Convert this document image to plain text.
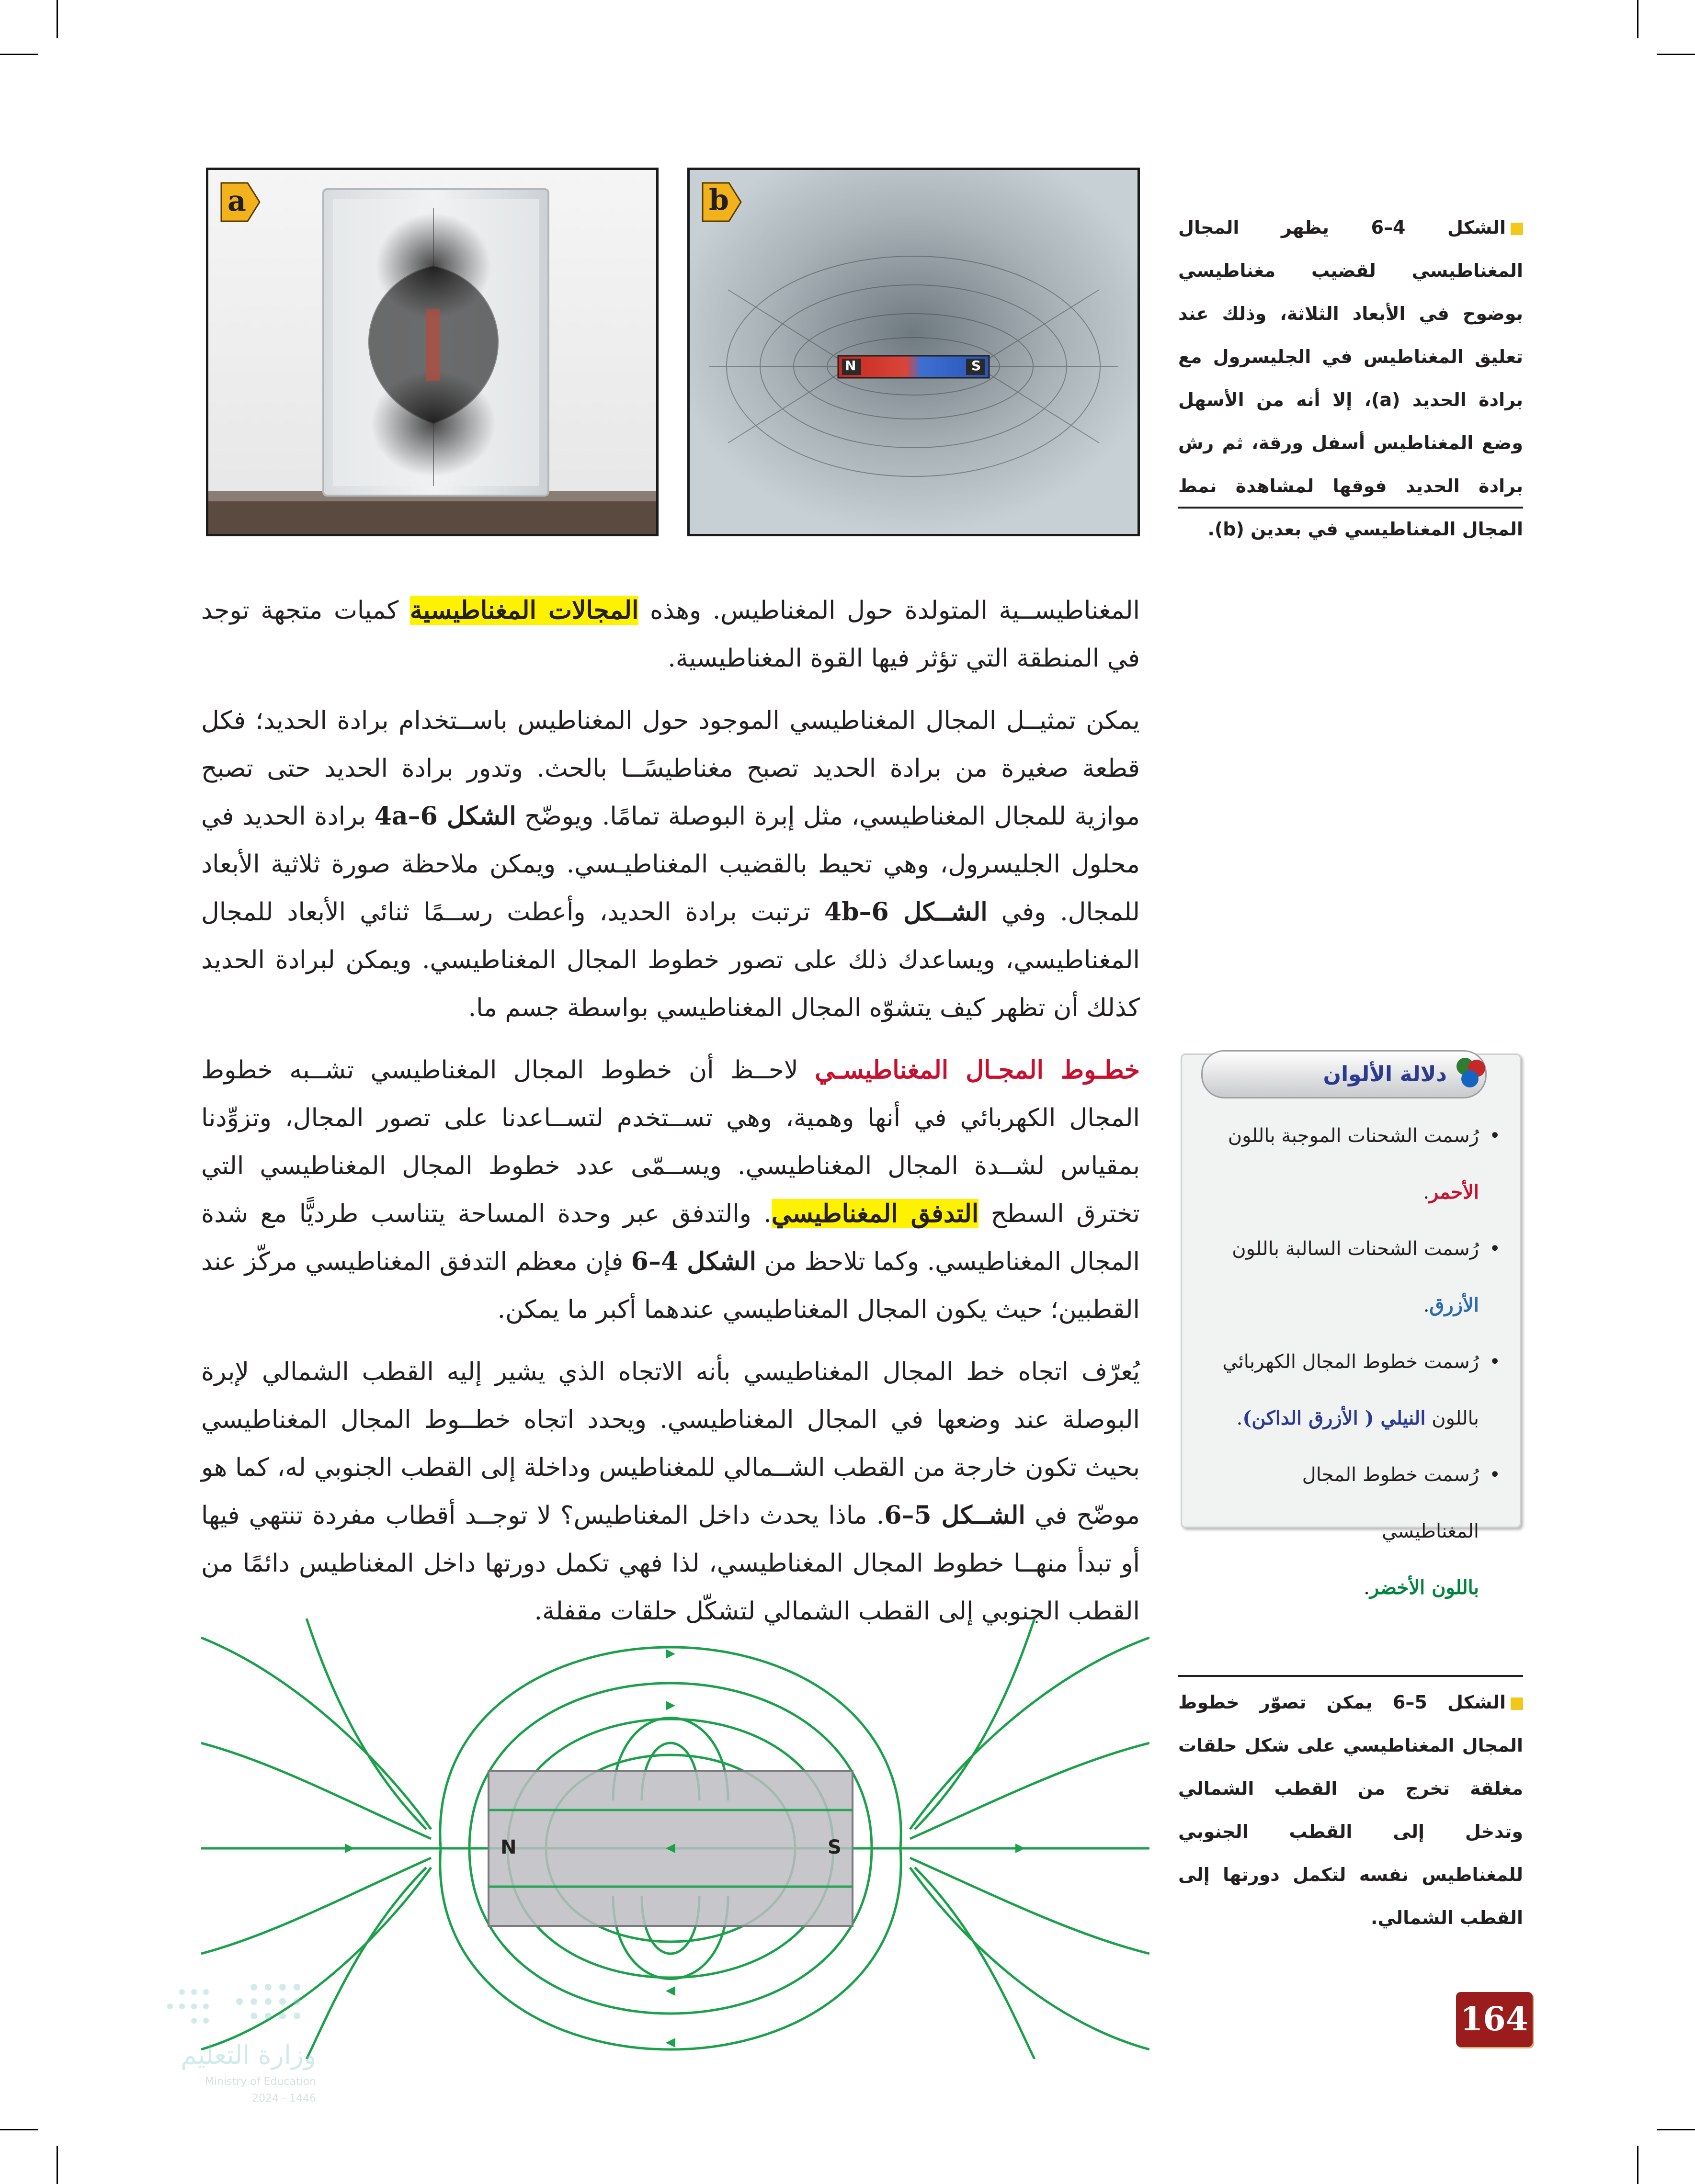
a
N	S
b
الشكل 4–6 يظهر المجال المغناطيسي لقضيب مغناطيسي بوضوح في الأبعاد الثلاثة، وذلك عند تعليق المغناطيس في الجليسرول مع برادة الحديد (a)، إلا أنه من الأسهل وضع المغناطيس أسفل ورقة، ثم رش برادة الحديد فوقها لمشاهدة نمط المجال المغناطيسي في بعدين (b).

المغناطيســية المتولدة حول المغناطيس. وهذه المجالات المغناطيسية كميات متجهة توجد في المنطقة التي تؤثر فيها القوة المغناطيسية.

يمكن تمثيــل المجال المغناطيسي الموجود حول المغناطيس باســتخدام برادة الحديد؛ فكل قطعة صغيرة من برادة الحديد تصبح مغناطيسًــا بالحث. وتدور برادة الحديد حتى تصبح موازية للمجال المغناطيسي، مثل إبرة البوصلة تمامًا. ويوضّح الشكل 4a–6 برادة الحديد في محلول الجليسرول، وهي تحيط بالقضيب المغناطيـسي. ويمكن ملاحظة صورة ثلاثية الأبعاد للمجال. وفي الشــكل 4b–6 ترتبت برادة الحديد، وأعطت رســمًا ثنائي الأبعاد للمجال المغناطيسي، ويساعدك ذلك على تصور خطوط المجال المغناطيسي. ويمكن لبرادة الحديد كذلك أن تظهر كيف يتشوّه المجال المغناطيسي بواسطة جسم ما.

خطـوط المجـال المغناطيسـي لاحــظ أن خطوط المجال المغناطيسي تشــبه خطوط المجال الكهربائي في أنها وهمية، وهي تســتخدم لتســاعدنا على تصور المجال، وتزوِّدنا بمقياس لشــدة المجال المغناطيسي. ويســمّى عدد خطوط المجال المغناطيسي التي تخترق السطح التدفق المغناطيسي. والتدفق عبر وحدة المساحة يتناسب طرديًّا مع شدة المجال المغناطيسي. وكما تلاحظ من الشكل 4–6 فإن معظم التدفق المغناطيسي مركّز عند القطبين؛ حيث يكون المجال المغناطيسي عندهما أكبر ما يمكن.

يُعرّف اتجاه خط المجال المغناطيسي بأنه الاتجاه الذي يشير إليه القطب الشمالي لإبرة البوصلة عند وضعها في المجال المغناطيسي. ويحدد اتجاه خطــوط المجال المغناطيسي بحيث تكون خارجة من القطب الشــمالي للمغناطيس وداخلة إلى القطب الجنوبي له، كما هو موضّح في الشــكل 5–6. ماذا يحدث داخل المغناطيس؟ لا توجــد أقطاب مفردة تنتهي فيها أو تبدأ منهــا خطوط المجال المغناطيسي، لذا فهي تكمل دورتها داخل المغناطيس دائمًا من القطب الجنوبي إلى القطب الشمالي لتشكّل حلقات مقفلة.

دلالة الألوان
• رُسمت الشحنات الموجبة باللون
الأحمر.
• رُسمت الشحنات السالبة باللون
الأزرق.
• رُسمت خطوط المجال الكهربائي باللون النيلي ( الأزرق الداكن).
• رُسمت خطوط المجال المغناطيسي
باللون الأخضر.
N	S
الشكل 5–6 يمكن تصوّر خطوط المجال المغناطيسي على شكل حلقات مغلقة تخرج من القطب الشمالي وتدخل إلى القطب الجنوبي للمغناطيس نفسه لتكمل دورتها إلى القطب الشمالي.
164
وزارة التعليم
Ministry of Education
2024 - 1446
